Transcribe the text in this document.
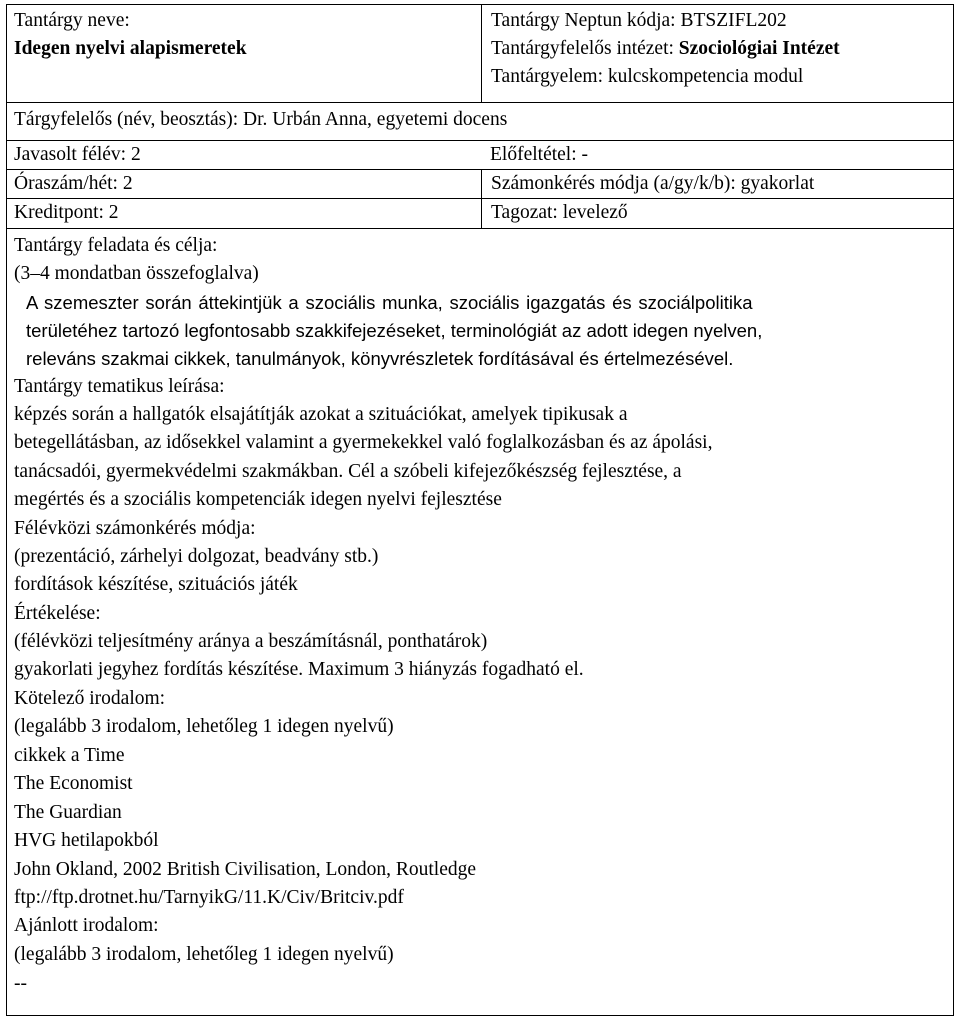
Tantárgy neve:
Idegen nyelvi alapismeretek
Tantárgy Neptun kódja: BTSZIFL202
Tantárgyfelelős intézet: Szociológiai Intézet
Tantárgyelem: kulcskompetencia modul
Tárgyfelelős (név, beosztás): Dr. Urbán Anna, egyetemi docens
Javasolt félév: 2	Előfeltétel: -
Óraszám/hét: 2	Számonkérés módja (a/gy/k/b): gyakorlat
Kreditpont: 2	Tagozat: levelező
Tantárgy feladata és célja:
(3–4 mondatban összefoglalva)
A szemeszter során áttekintjük a szociális munka, szociális igazgatás és szociálpolitika
területéhez tartozó legfontosabb szakkifejezéseket, terminológiát az adott idegen nyelven,
releváns szakmai cikkek, tanulmányok, könyvrészletek fordításával és értelmezésével.
Tantárgy tematikus leírása:
képzés során a hallgatók elsajátítják azokat a szituációkat, amelyek tipikusak a
betegellátásban, az idősekkel valamint a gyermekekkel való foglalkozásban és az ápolási,
tanácsadói, gyermekvédelmi szakmákban. Cél a szóbeli kifejezőkészség fejlesztése, a
megértés és a szociális kompetenciák idegen nyelvi fejlesztése
Félévközi számonkérés módja:
(prezentáció, zárhelyi dolgozat, beadvány stb.)
fordítások készítése, szituációs játék
Értékelése:
(félévközi teljesítmény aránya a beszámításnál, ponthatárok)
gyakorlati jegyhez fordítás készítése. Maximum 3 hiányzás fogadható el.
Kötelező irodalom:
(legalább 3 irodalom, lehetőleg 1 idegen nyelvű)
cikkek a Time
The Economist
The Guardian
HVG hetilapokból
John Okland, 2002 British Civilisation, London, Routledge
ftp://ftp.drotnet.hu/TarnyikG/11.K/Civ/Britciv.pdf
Ajánlott irodalom:
(legalább 3 irodalom, lehetőleg 1 idegen nyelvű)
--
